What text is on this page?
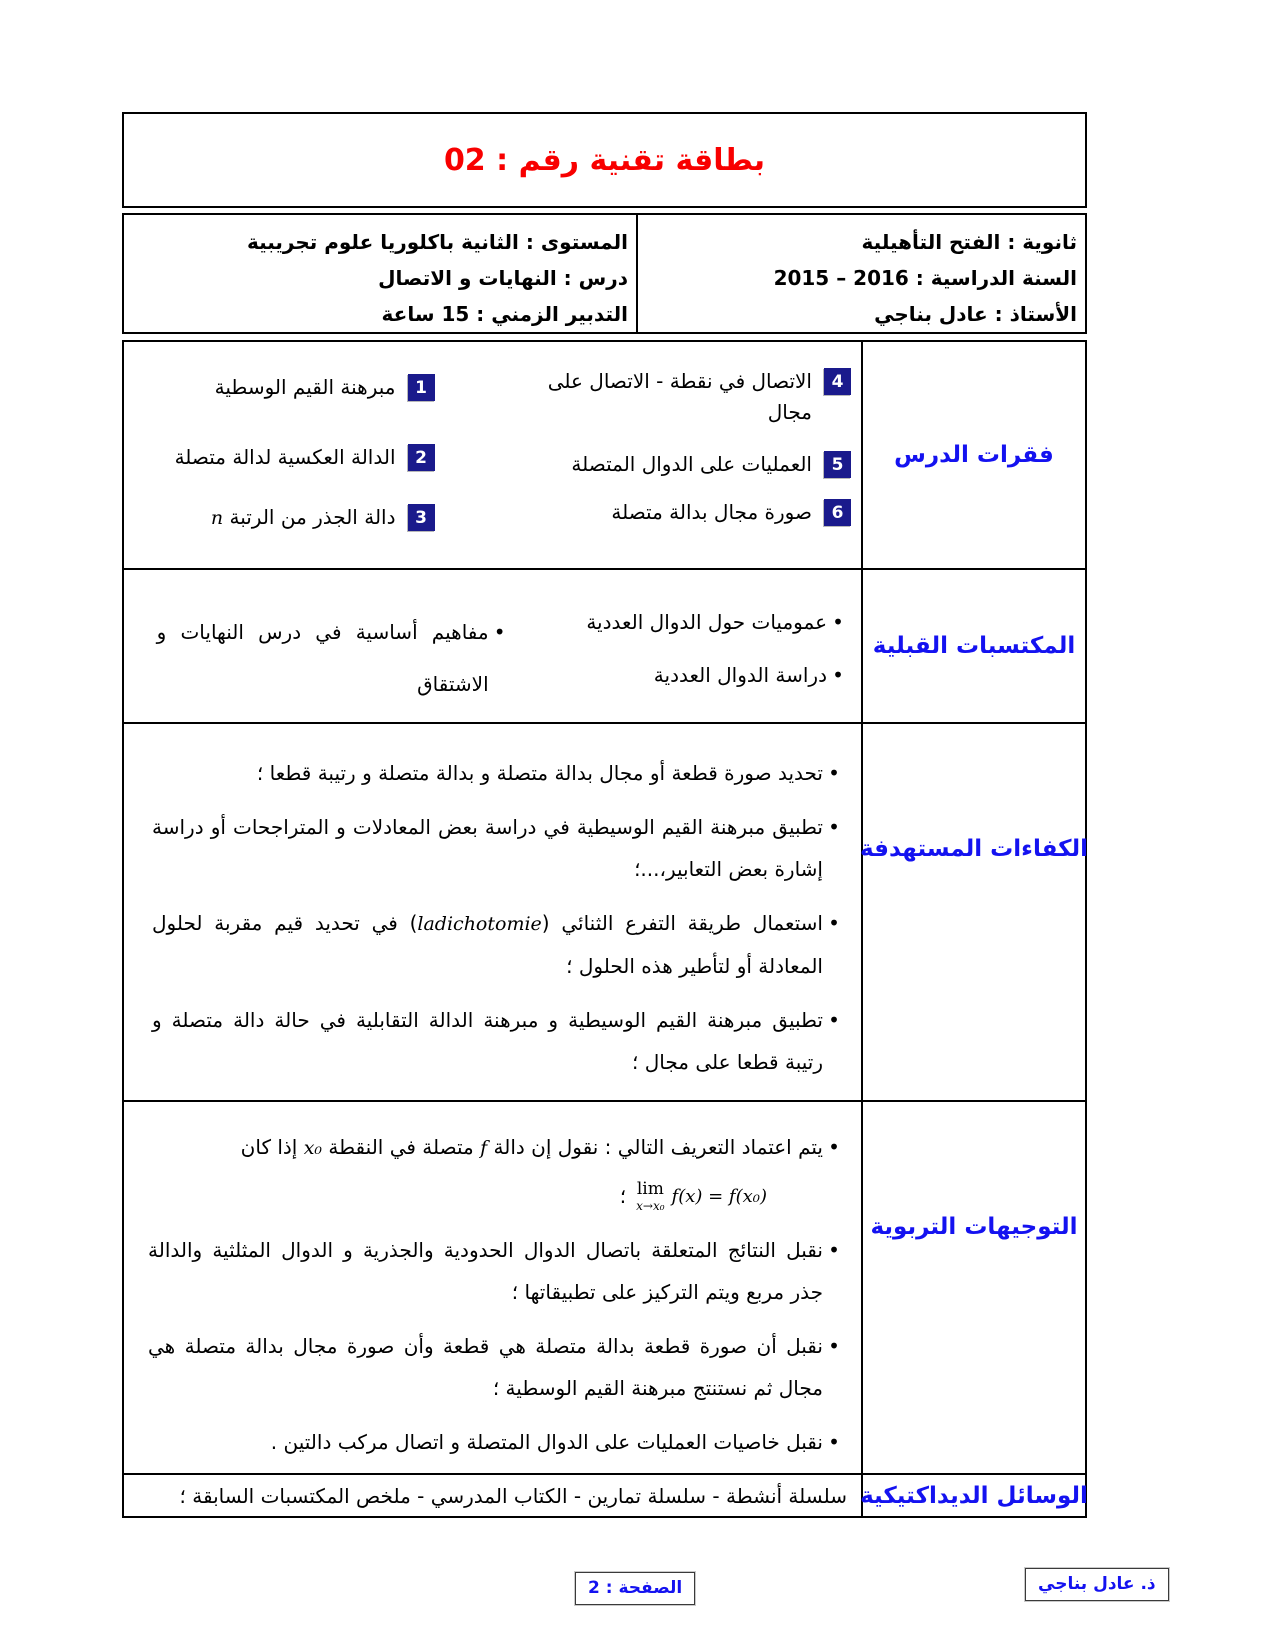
بطاقة تقنية رقم : 02
ثانوية : الفتح التأهيلية
السنة الدراسية : 2016 – 2015
الأستاذ : عادل بناجي
المستوى : الثانية باكلوريا علوم تجريبية
درس : النهايات و الاتصال
التدبير الزمني : 15 ساعة
فقرات الدرس
4
الاتصال في نقطة - الاتصال على مجال
5
العمليات على الدوال المتصلة
6
صورة مجال بدالة متصلة
1
مبرهنة القيم الوسطية
2
الدالة العكسية لدالة متصلة
3
دالة الجذر من الرتبة n
المكتسبات القبلية
•
عموميات حول الدوال العددية
•
دراسة الدوال العددية
•
مفاهيم أساسية في درس النهايات و الاشتقاق
الكفاءات المستهدفة
•
تحديد صورة قطعة أو مجال بدالة متصلة و بدالة متصلة و رتيبة قطعا ؛
•
تطبيق مبرهنة القيم الوسيطية في دراسة بعض المعادلات و المتراجحات أو دراسة إشارة بعض التعابير،...؛
•
استعمال طريقة التفرع الثنائي (ladichotomie) في تحديد قيم مقربة لحلول المعادلة أو لتأطير هذه الحلول ؛
•
تطبيق مبرهنة القيم الوسيطية و مبرهنة الدالة التقابلية في حالة دالة متصلة و رتيبة قطعا على مجال ؛
التوجيهات التربوية
•
يتم اعتماد التعريف التالي : نقول إن دالة f متصلة في النقطة x₀ إذا كان
lim
x→x₀ f(x) = f(x₀)
؛
•
نقبل النتائج المتعلقة باتصال الدوال الحدودية والجذرية و الدوال المثلثية والدالة جذر مربع ويتم التركيز على تطبيقاتها ؛
•
نقبل أن صورة قطعة بدالة متصلة هي قطعة وأن صورة مجال بدالة متصلة هي مجال ثم نستنتج مبرهنة القيم الوسطية ؛
•
نقبل خاصيات العمليات على الدوال المتصلة و اتصال مركب دالتين .
الوسائل الديداكتيكية
سلسلة أنشطة - سلسلة تمارين - الكتاب المدرسي - ملخص المكتسبات السابقة ؛
الصفحة : 2	ذ. عادل بناجي
